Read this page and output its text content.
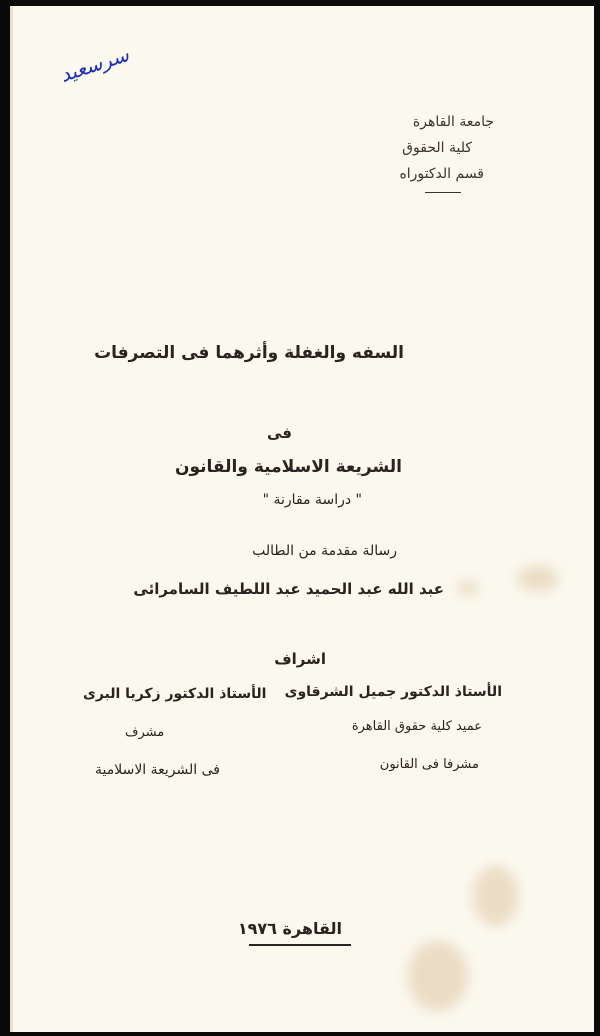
سرسعيد
جامعة القاهرة
كلية الحقوق
قسم الدكتوراه
السفه والغفلة وأثرهما فى التصرفات
فى
الشريعة الاسلامية والقانون
" دراسة مقارنة "
رسالة مقدمة من الطالب
عبد الله عبد الحميد عبد اللطيف السامرائى
اشراف
الأستاذ الدكتور جميل الشرقاوى
عميد كلية حقوق القاهرة
مشرفا فى القانون
الأستاذ الدكتور زكريا البرى
مشرف
فى الشريعة الاسلامية
القاهرة ١٩٧٦
